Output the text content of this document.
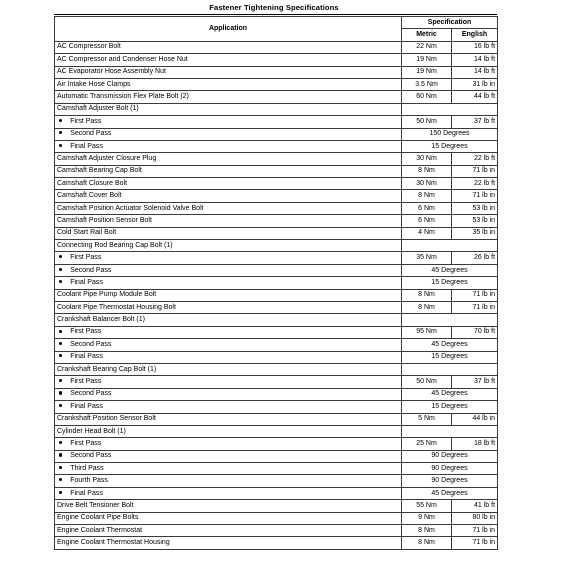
Fastener Tightening Specifications
Application	Specification	
	Metric	English
AC Compressor Bolt	22 Nm	16 lb ft
AC Compressor and Condenser Hose Nut	19 Nm	14 lb ft
AC Evaporator Hose Assembly Nut	19 Nm	14 lb ft
Air Intake Hose Clamps	3.5 Nm	31 lb in
Automatic Transmission Flex Plate Bolt (2)	60 Nm	44 lb ft
Camshaft Adjuster Bolt (1)		
First Pass	50 Nm	37 lb ft
Second Pass	150 Degrees	
Final Pass	15 Degrees	
Camshaft Adjuster Closure Plug	30 Nm	22 lb ft
Camshaft Bearing Cap Bolt	8 Nm	71 lb in
Camshaft Closure Bolt	30 Nm	22 lb ft
Camshaft Cover Bolt	8 Nm	71 lb in
Camshaft Position Actuator Solenoid Valve Bolt	6 Nm	53 lb in
Camshaft Position Sensor Bolt	6 Nm	53 lb in
Cold Start Rail Bolt	4 Nm	35 lb in
Connecting Rod Bearing Cap Bolt (1)		
First Pass	35 Nm	26 lb ft
Second Pass	45 Degrees	
Final Pass	15 Degrees	
Coolant Pipe Pump Module Bolt	8 Nm	71 lb in
Coolant Pipe Thermostat Housing Bolt	8 Nm	71 lb in
Crankshaft Balancer Bolt (1)		
First Pass	95 Nm	70 lb ft
Second Pass	45 Degrees	
Final Pass	15 Degrees	
Crankshaft Bearing Cap Bolt (1)		
First Pass	50 Nm	37 lb ft
Second Pass	45 Degrees	
Final Pass	15 Degrees	
Crankshaft Position Sensor Bolt	5 Nm	44 lb in
Cylinder Head Bolt (1)		
First Pass	25 Nm	18 lb ft
Second Pass	90 Degrees	
Third Pass	90 Degrees	
Fourth Pass	90 Degrees	
Final Pass	45 Degrees	
Drive Belt Tensioner Bolt	55 Nm	41 lb ft
Engine Coolant Pipe Bolts	9 Nm	80 lb in
Engine Coolant Thermostat	8 Nm	71 lb in
Engine Coolant Thermostat Housing	8 Nm	71 lb in
